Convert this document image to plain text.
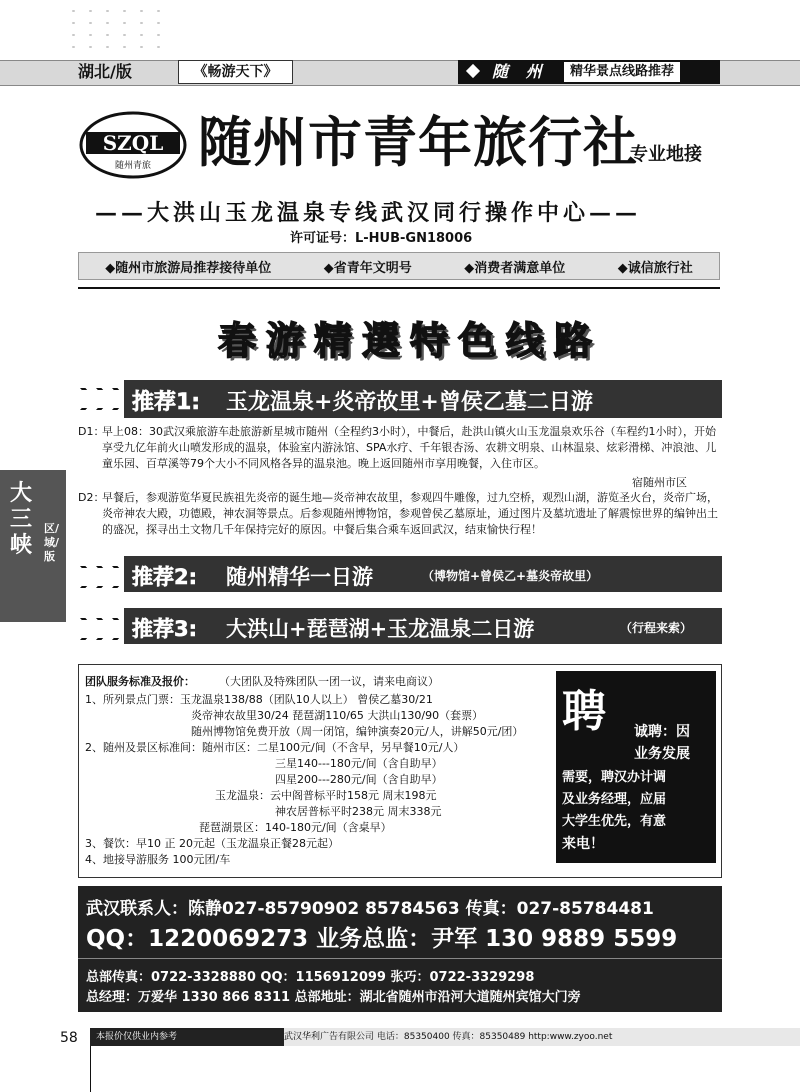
湖北/版	《畅游天下》	随 州	精华景点线路推荐
SZQL
随州青旅 随州市青年旅行社
专业地接
——大洪山玉龙温泉专线武汉同行操作中心——
许可证号：L-HUB-GN18006
◆随州市旅游局推荐接待单位	◆省青年文明号	◆消费者满意单位	◆诚信旅行社
春游精選特色线路
推荐1: 玉龙温泉+炎帝故里+曾侯乙墓二日游
D1：
早上08：30武汉乘旅游车赴旅游新星城市随州（全程约3小时），中餐后，赴洪山镇火山玉龙温泉欢乐谷（车程约1小时），开始享受九亿年前火山喷发形成的温泉，体验室内游泳馆、SPA水疗、千年银杏汤、农耕文明泉、山林温泉、炫彩滑梯、冲浪池、儿童乐园、百草溪等79个大小不同风格各异的温泉池。晚上返回随州市享用晚餐，入住市区。
宿随州市区
D2：
早餐后，参观游览华夏民族祖先炎帝的诞生地—炎帝神农故里，参观四牛雕像，过九空桥，观烈山湖，游览圣火台，炎帝广场，炎帝神农大殿，功德殿，神农洞等景点。后参观随州博物馆，参观曾侯乙墓原址，通过图片及墓坑遗址了解震惊世界的编钟出土的盛况，探寻出土文物几千年保持完好的原因。中餐后集合乘车返回武汉，结束愉快行程！
大三峡
区/域/版
推荐2: 随州精华一日游	（博物馆+曾侯乙+墓炎帝故里）
推荐3: 大洪山+琵琶湖+玉龙温泉二日游	（行程来索）
团队服务标准及报价： （大团队及特殊团队一团一议，请来电商议）
1、所列景点门票：玉龙温泉138/88（团队10人以上） 曾侯乙墓30/21
炎帝神农故里30/24 琵琶湖110/65 大洪山130/90（套票）
随州博物馆免费开放（周一闭馆，编钟演奏20元/人，讲解50元/团）
2、随州及景区标准间：随州市区：二星100元/间（不含早，另早餐10元/人）
三星140---180元/间（含自助早）
四星200---280元/间（含自助早）
玉龙温泉：云中阁普标平时158元 周末198元
神农居普标平时238元 周末338元
琵琶湖景区：140-180元/间（含桌早）
3、餐饮：早10 正 20元起（玉龙温泉正餐28元起）
4、地接导游服务 100元团/车
聘 诚聘：因
业务发展
需要，聘汉办计调
及业务经理，应届
大学生优先，有意
来电！
武汉联系人：陈静027-85790902 85784563 传真：027-85784481
QQ：1220069273 业务总监：尹军 130 9889 5599
总部传真：0722-3328880 QQ：1156912099 张巧：0722-3329298
总经理：万爱华 1330 866 8311 总部地址：湖北省随州市沿河大道随州宾馆大门旁
58	本报价仅供业内参考	武汉华利广告有限公司 电话：85350400 传真：85350489 http:www.zyoo.net
